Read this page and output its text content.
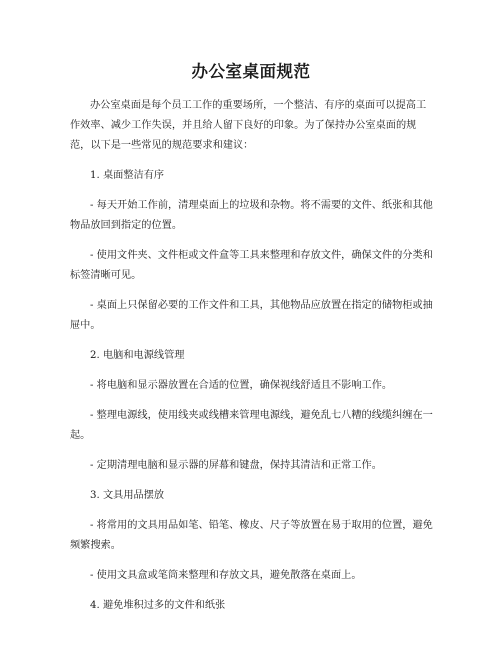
办公室桌面规范

办公室桌面是每个员工工作的重要场所，一个整洁、有序的桌面可以提高工作效率、减少工作失误，并且给人留下良好的印象。为了保持办公室桌面的规范，以下是一些常见的规范要求和建议：

1. 桌面整洁有序

- 每天开始工作前，清理桌面上的垃圾和杂物。将不需要的文件、纸张和其他物品放回到指定的位置。

- 使用文件夹、文件柜或文件盒等工具来整理和存放文件，确保文件的分类和标签清晰可见。

- 桌面上只保留必要的工作文件和工具，其他物品应放置在指定的储物柜或抽屉中。

2. 电脑和电源线管理

- 将电脑和显示器放置在合适的位置，确保视线舒适且不影响工作。

- 整理电源线，使用线夹或线槽来管理电源线，避免乱七八糟的线缆纠缠在一起。

- 定期清理电脑和显示器的屏幕和键盘，保持其清洁和正常工作。

3. 文具用品摆放

- 将常用的文具用品如笔、铅笔、橡皮、尺子等放置在易于取用的位置，避免频繁搜索。

- 使用文具盒或笔筒来整理和存放文具，避免散落在桌面上。

4. 避免堆积过多的文件和纸张
